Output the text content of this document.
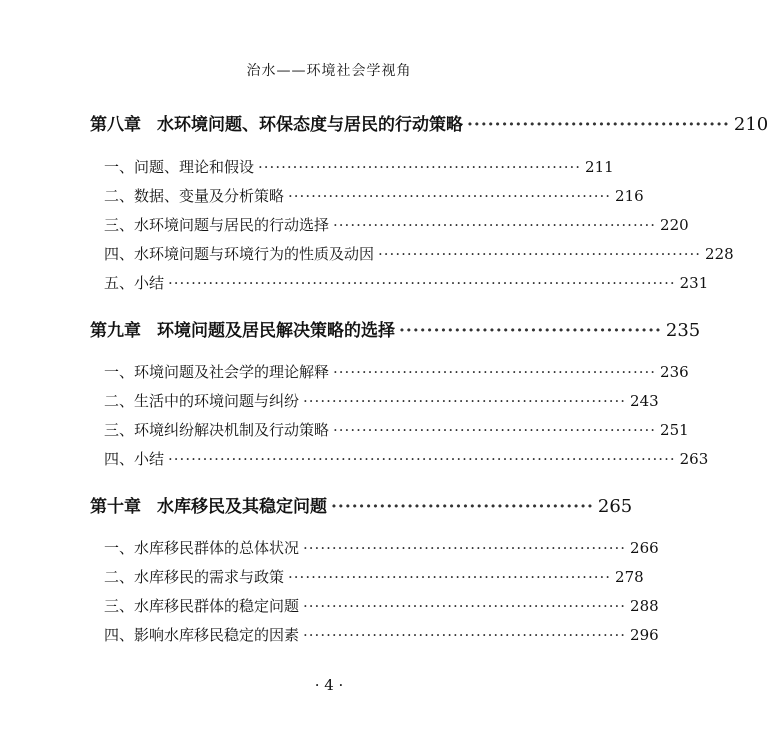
治水——环境社会学视角
第八章 水环境问题、环保态度与居民的行动策略 ······································ 210
一、问题、理论和假设 ························································ 211
二、数据、变量及分析策略 ························································ 216
三、水环境问题与居民的行动选择 ························································ 220
四、水环境问题与环境行为的性质及动因 ························································ 228
五、小结 ························································································ 231
第九章 环境问题及居民解决策略的选择 ······································ 235
一、环境问题及社会学的理论解释 ························································ 236
二、生活中的环境问题与纠纷 ························································ 243
三、环境纠纷解决机制及行动策略 ························································ 251
四、小结 ························································································ 263
第十章 水库移民及其稳定问题 ······································ 265
一、水库移民群体的总体状况 ························································ 266
二、水库移民的需求与政策 ························································ 278
三、水库移民群体的稳定问题 ························································ 288
四、影响水库移民稳定的因素 ························································ 296
· 4 ·
